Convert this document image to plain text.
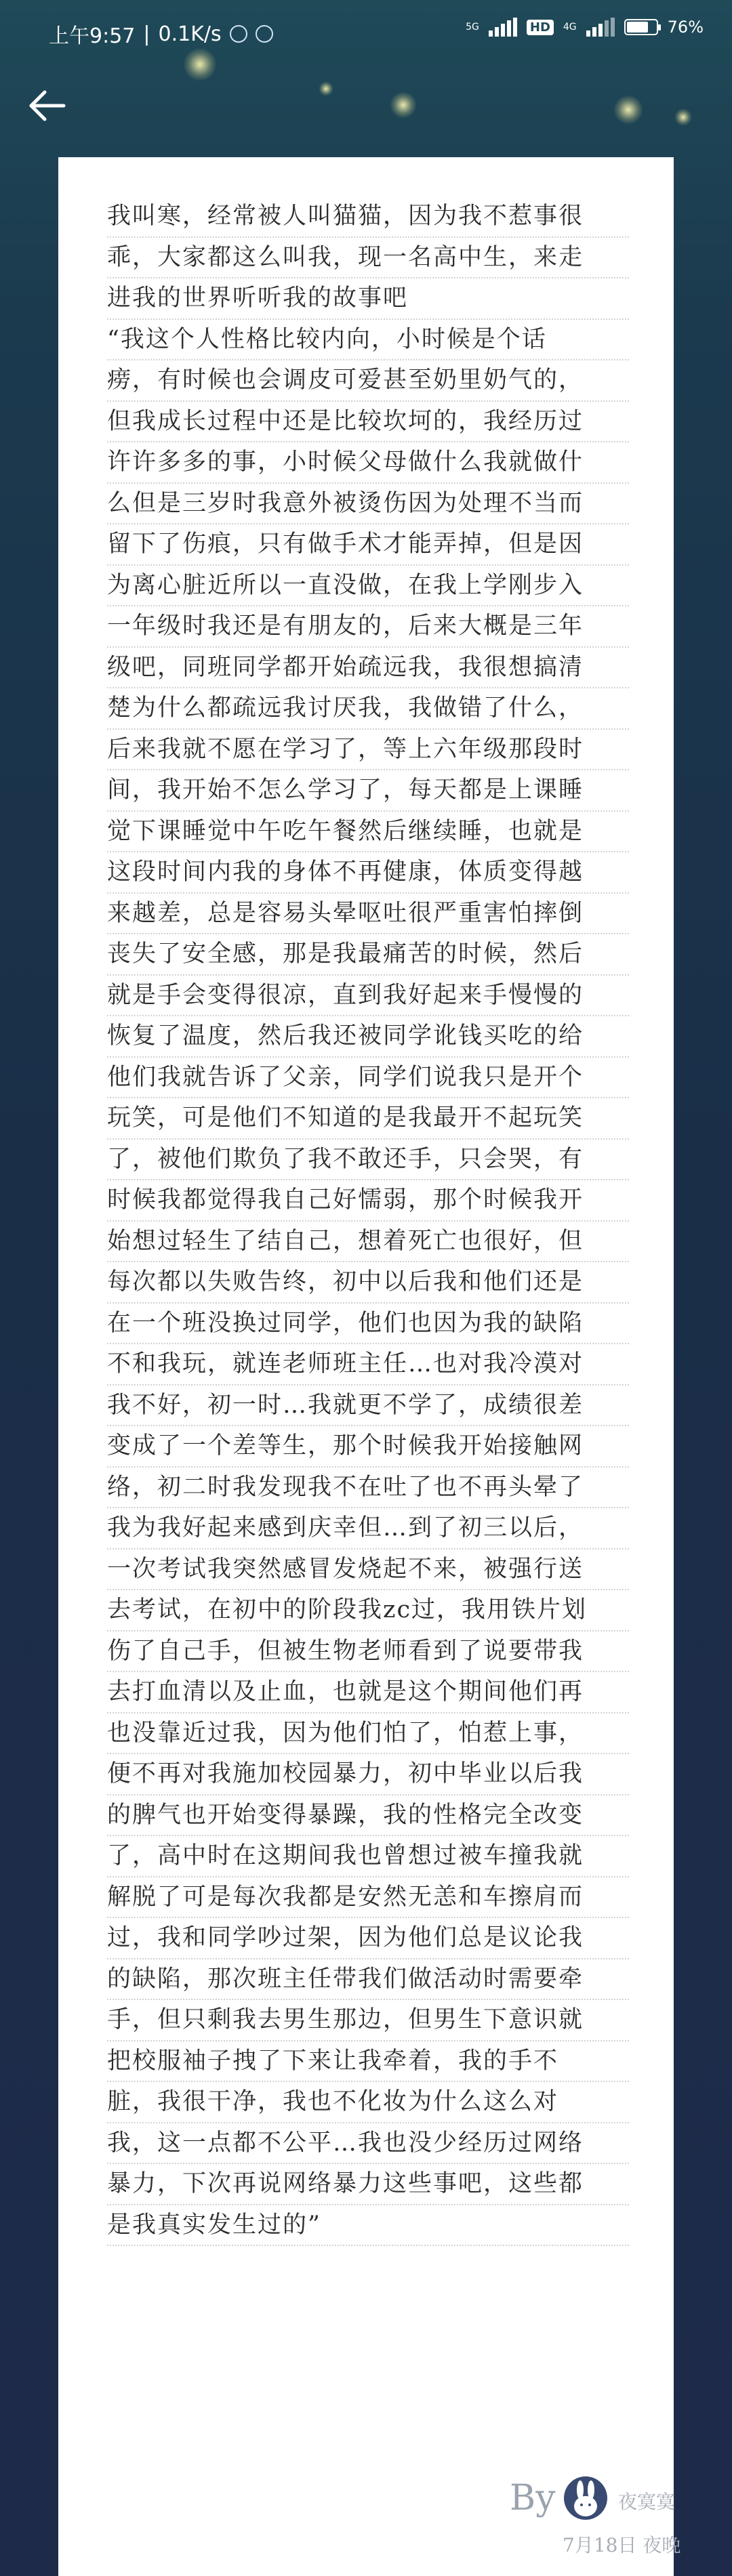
上午9:57 | 0.1K/s	5G	HD	4G	76%
我叫寒，经常被人叫猫猫，因为我不惹事很
乖，大家都这么叫我，现一名高中生，来走
进我的世界听听我的故事吧
“我这个人性格比较内向，小时候是个话
痨，有时候也会调皮可爱甚至奶里奶气的，
但我成长过程中还是比较坎坷的，我经历过
许许多多的事，小时候父母做什么我就做什
么但是三岁时我意外被烫伤因为处理不当而
留下了伤痕，只有做手术才能弄掉，但是因
为离心脏近所以一直没做，在我上学刚步入
一年级时我还是有朋友的，后来大概是三年
级吧，同班同学都开始疏远我，我很想搞清
楚为什么都疏远我讨厌我，我做错了什么，
后来我就不愿在学习了，等上六年级那段时
间，我开始不怎么学习了，每天都是上课睡
觉下课睡觉中午吃午餐然后继续睡，也就是
这段时间内我的身体不再健康，体质变得越
来越差，总是容易头晕呕吐很严重害怕摔倒
丧失了安全感，那是我最痛苦的时候，然后
就是手会变得很凉，直到我好起来手慢慢的
恢复了温度，然后我还被同学讹钱买吃的给
他们我就告诉了父亲，同学们说我只是开个
玩笑，可是他们不知道的是我最开不起玩笑
了，被他们欺负了我不敢还手，只会哭，有
时候我都觉得我自己好懦弱，那个时候我开
始想过轻生了结自己，想着死亡也很好，但
每次都以失败告终，初中以后我和他们还是
在一个班没换过同学，他们也因为我的缺陷
不和我玩，就连老师班主任…也对我冷漠对
我不好，初一时…我就更不学了，成绩很差
变成了一个差等生，那个时候我开始接触网
络，初二时我发现我不在吐了也不再头晕了
我为我好起来感到庆幸但…到了初三以后，
一次考试我突然感冒发烧起不来，被强行送
去考试，在初中的阶段我zc过，我用铁片划
伤了自己手，但被生物老师看到了说要带我
去打血清以及止血，也就是这个期间他们再
也没靠近过我，因为他们怕了，怕惹上事，
便不再对我施加校园暴力，初中毕业以后我
的脾气也开始变得暴躁，我的性格完全改变
了，高中时在这期间我也曾想过被车撞我就
解脱了可是每次我都是安然无恙和车擦肩而
过，我和同学吵过架，因为他们总是议论我
的缺陷，那次班主任带我们做活动时需要牵
手，但只剩我去男生那边，但男生下意识就
把校服袖子拽了下来让我牵着，我的手不
脏，我很干净，我也不化妆为什么这么对
我，这一点都不公平…我也没少经历过网络
暴力，下次再说网络暴力这些事吧，这些都
是我真实发生过的”
By	夜寞寞
7月18日 夜晚
